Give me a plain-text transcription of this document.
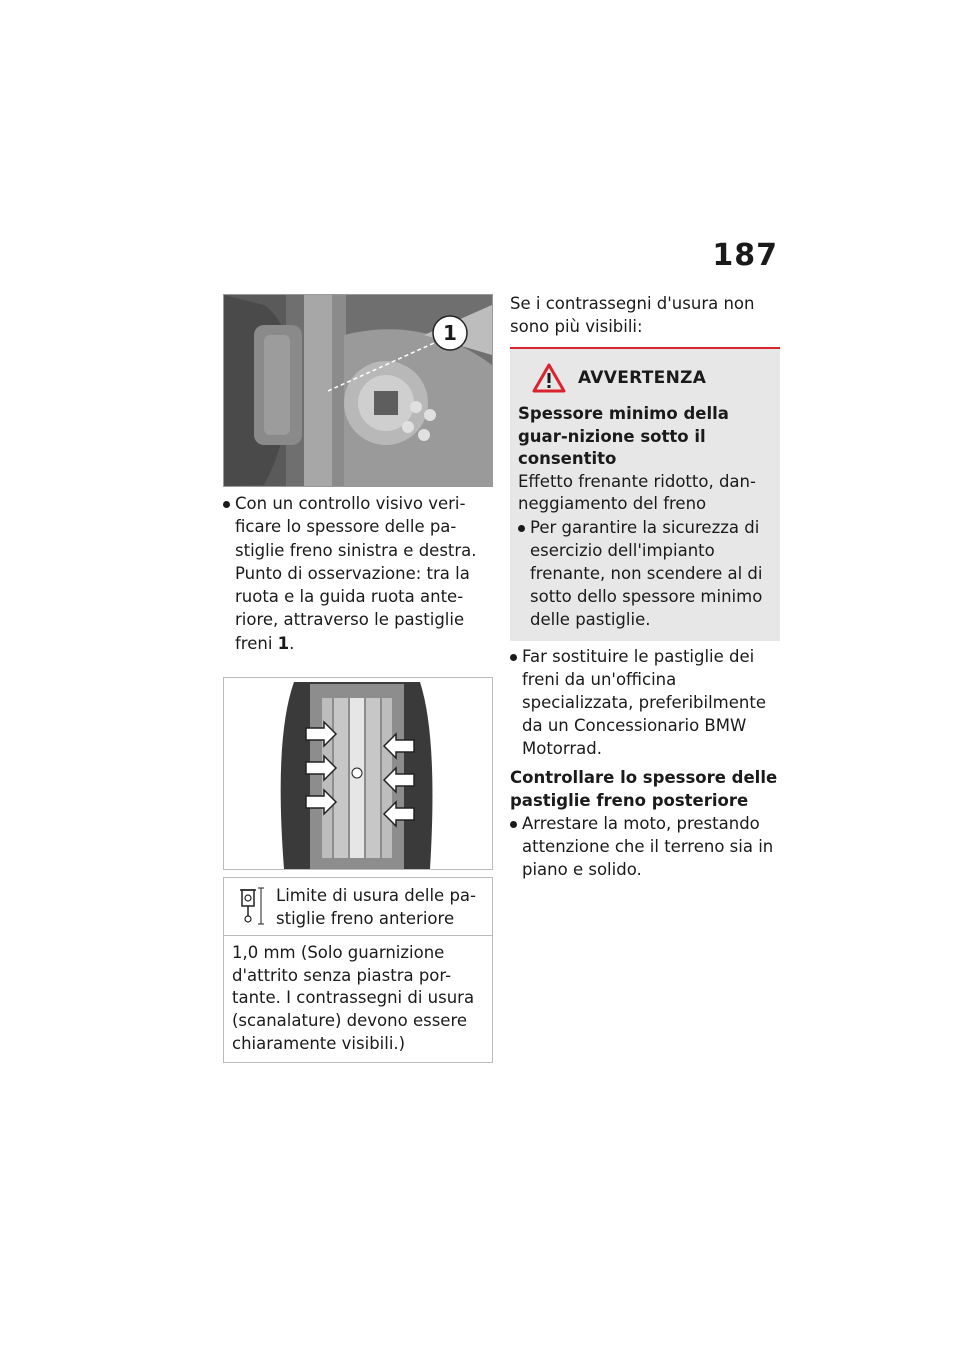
187
1
Con un controllo visivo veri-ficare lo spessore delle pa-stiglie freno sinistra e destra. Punto di osservazione: tra la ruota e la guida ruota ante-riore, attraverso le pastiglie freni 1.
Limite di usura delle pa-stiglie freno anteriore
1,0 mm (Solo guarnizione d'attrito senza piastra por-tante. I contrassegni di usura (scanalature) devono essere chiaramente visibili.)
Se i contrassegni d'usura non sono più visibili:
AVVERTENZA
Spessore minimo della guar-nizione sotto il consentito
Effetto frenante ridotto, dan-neggiamento del freno
Per garantire la sicurezza di esercizio dell'impianto frenante, non scendere al di sotto dello spessore minimo delle pastiglie.
Far sostituire le pastiglie dei freni da un'officina specializzata, preferibilmente da un Concessionario BMW Motorrad.
Controllare lo spessore delle pastiglie freno posteriore
Arrestare la moto, prestando attenzione che il terreno sia in piano e solido.
